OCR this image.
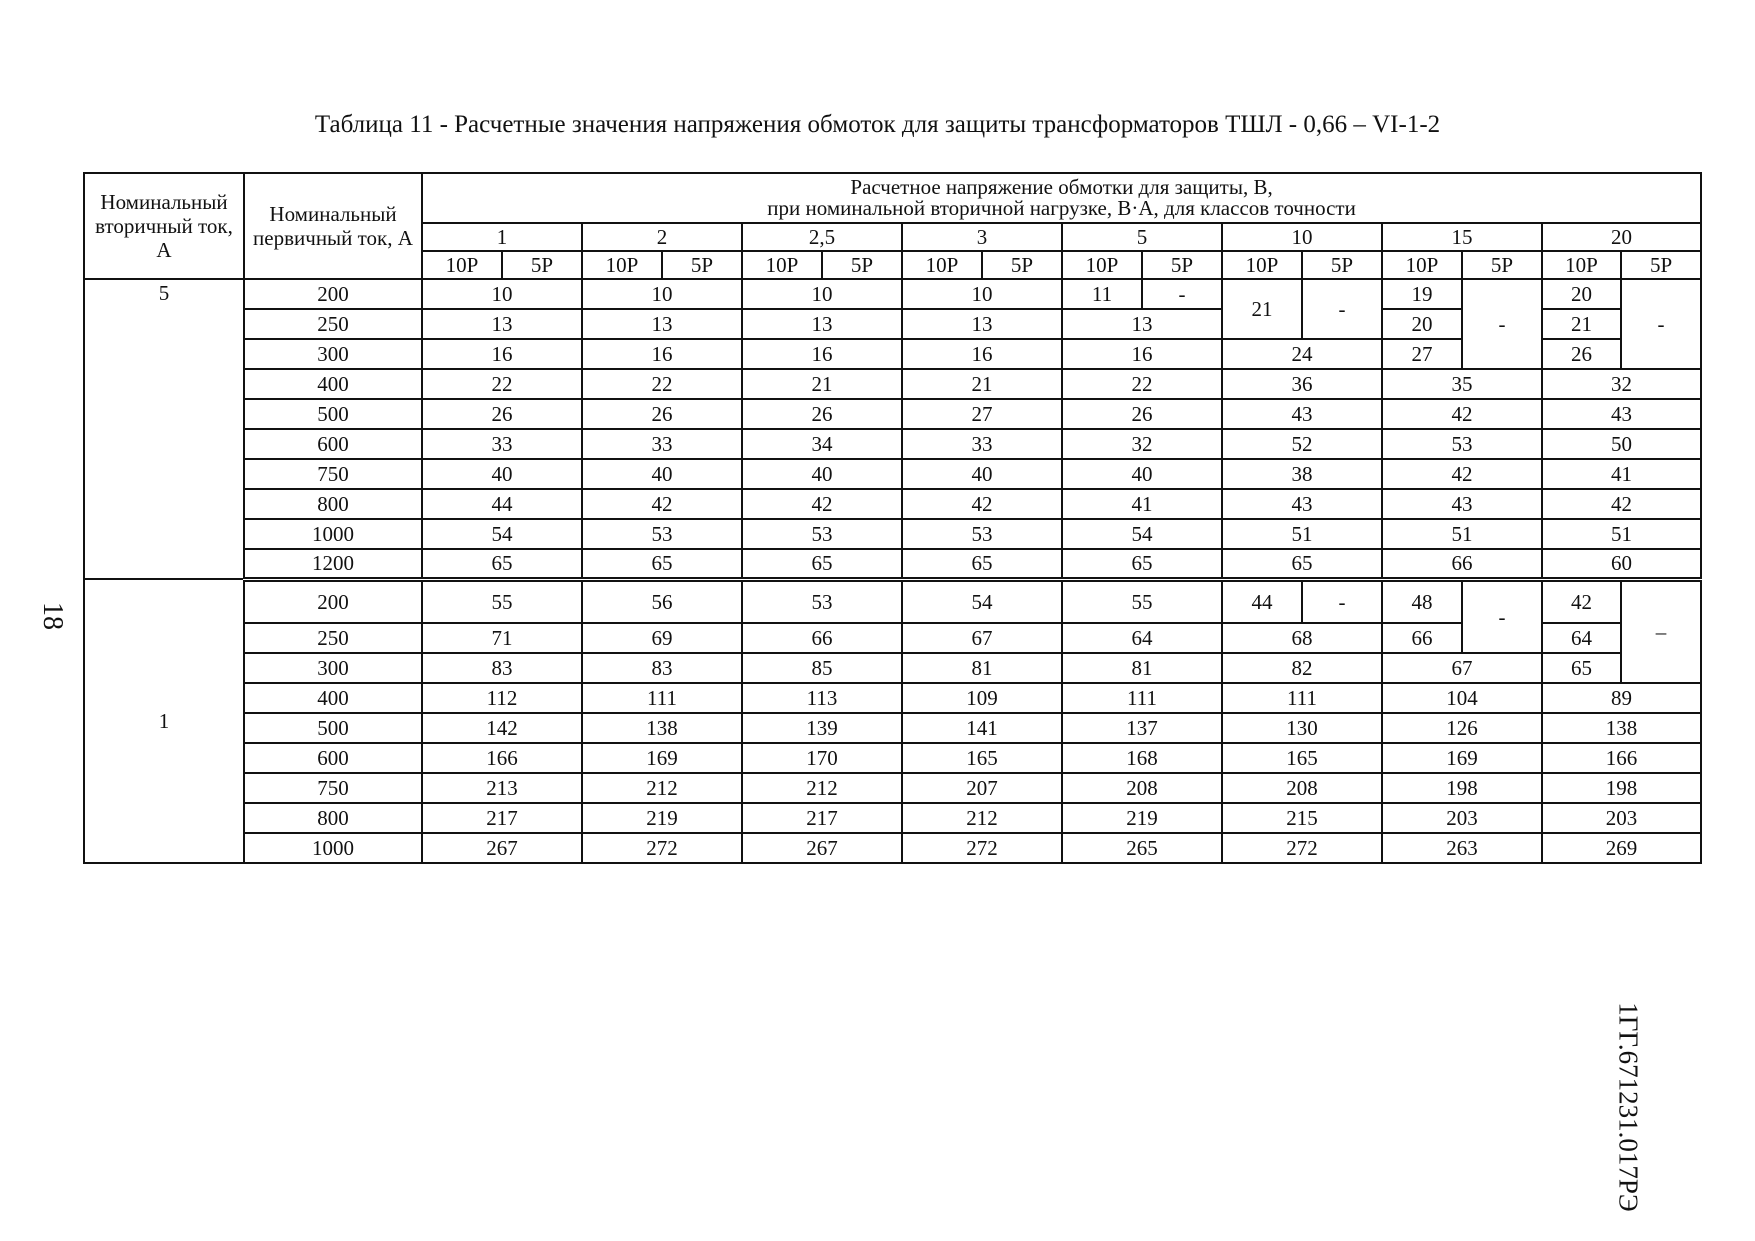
Таблица 11 - Расчетные значения напряжения обмоток для защиты трансформаторов ТШЛ - 0,66 – VI-1-2
Номинальный вторичный ток, А	Номинальный первичный ток, А	Расчетное напряжение обмотки для защиты, В,
при номинальной вторичной нагрузке, В·А, для классов точности															

		1		2		2,5		3		5		10		15		20	
		10Р	5Р	10Р	5Р	10Р	5Р	10Р	5Р	10Р	5Р	10Р	5Р	10Р	5Р	10Р	5Р
5	200	10		10		10		10		11	-	21	-	19	-	20	-
	250	13		13		13		13		13				20		21	
	300	16		16		16		16		16		24		27		26	
	400	22		22		21		21		22		36		35		32	
	500	26		26		26		27		26		43		42		43	
	600	33		33		34		33		32		52		53		50	
	750	40		40		40		40		40		38		42		41	
	800	44		42		42		42		41		43		43		42	
	1000	54		53		53		53		54		51		51		51	
	1200	65		65		65		65		65		65		66		60	
1	200	55		56		53		54		55		44	-	48	-	42	–
	250	71		69		66		67		64		68		66		64	
	300	83		83		85		81		81		82		67		65	
	400	112		111		113		109		111		111		104		89	
	500	142		138		139		141		137		130		126		138	
	600	166		169		170		165		168		165		169		166	
	750	213		212		212		207		208		208		198		198	
	800	217		219		217		212		219		215		203		203	
	1000	267		272		267		272		265		272		263		269	
18
1ГГ.671231.017РЭ
